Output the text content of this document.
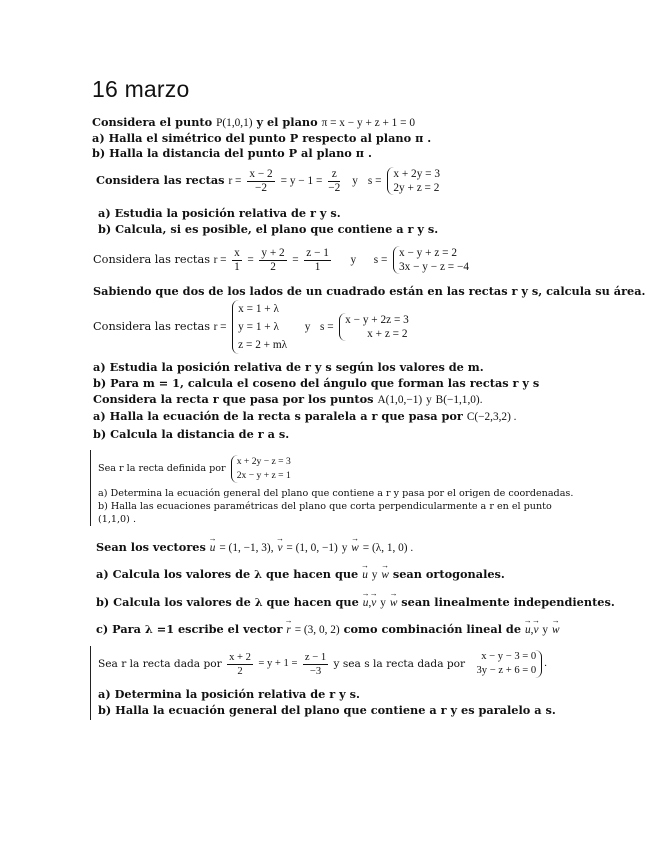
16 marzo
Considera el punto P(1,0,1) y el plano π = x − y + z + 1 = 0
a) Halla el simétrico del punto P respecto al plano π .
b) Halla la distancia del punto P al plano π .
Considera las rectas $r = \frac{x - 2}{-2} = y - 1 = \frac{z}{-2}$ y s =
x + 2y = 3
2y + z = 2
a) Estudia la posición relativa de r y s.
b) Calcula, si es posible, el plano que contiene a r y s.
Considera las rectas $r = \frac{x}{1} = \frac{y + 2}{2} = \frac{z - 1}{1}$ y s =
x − y + z = 2
3x − y − z = −4
Sabiendo que dos de los lados de un cuadrado están en las rectas r y s, calcula su área.
Considera las rectas r =
x = 1 + λ
y = 1 + λ
z = 2 + mλ
y s =
x − y + 2z = 3
x + z = 2
a) Estudia la posición relativa de r y s según los valores de m.
b) Para m = 1, calcula el coseno del ángulo que forman las rectas r y s
Considera la recta r que pasa por los puntos A(1,0,−1) y B(−1,1,0).
a) Halla la ecuación de la recta s paralela a r que pasa por C(−2,3,2) .
b) Calcula la distancia de r a s.
Sea r la recta definida por
x + 2y − z = 3
2x − y + z = 1
a) Determina la ecuación general del plano que contiene a r y pasa por el origen de coordenadas.
b) Halla las ecuaciones paramétricas del plano que corta perpendicularmente a r en el punto
(1,1,0) .
Sean los vectores → u = (1, −1, 3), → v = (1, 0, −1) y → w = (λ, 1, 0) .
a) Calcula los valores de λ que hacen que → u y → w sean ortogonales.
b) Calcula los valores de λ que hacen que → u,→ v y → w sean linealmente independientes.
c) Para λ =1 escribe el vector → r = (3, 0, 2) como combinación lineal de → u,→ v y → w
Sea r la recta dada por $\frac{x + 2}{2} = y + 1 = \frac{z - 1}{-3}$ y sea s la recta dada por
x − y − 3 = 0
3y − z + 6 = 0
.
a) Determina la posición relativa de r y s.
b) Halla la ecuación general del plano que contiene a r y es paralelo a s.
